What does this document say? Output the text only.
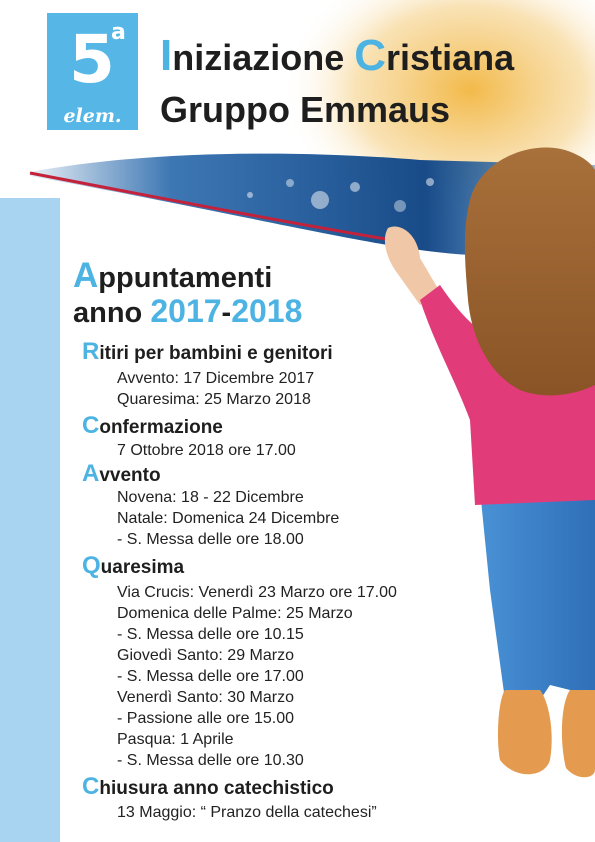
5
a
elem.
Iniziazione Cristiana
Gruppo Emmaus
Appuntamenti
anno 2017-2018
Ritiri per bambini e genitori
Avvento: 17 Dicembre 2017
Quaresima: 25 Marzo 2018
Confermazione
7 Ottobre 2018 ore 17.00
Avvento
Novena: 18 - 22 Dicembre
Natale: Domenica 24 Dicembre
- S. Messa delle ore 18.00
Quaresima
Via Crucis: Venerdì 23 Marzo ore 17.00
Domenica delle Palme: 25 Marzo
- S. Messa delle ore 10.15
Giovedì Santo: 29 Marzo
- S. Messa delle ore 17.00
Venerdì Santo: 30 Marzo
- Passione alle ore 15.00
Pasqua: 1 Aprile
- S. Messa delle ore 10.30
Chiusura anno catechistico
13 Maggio: “ Pranzo della catechesi”
